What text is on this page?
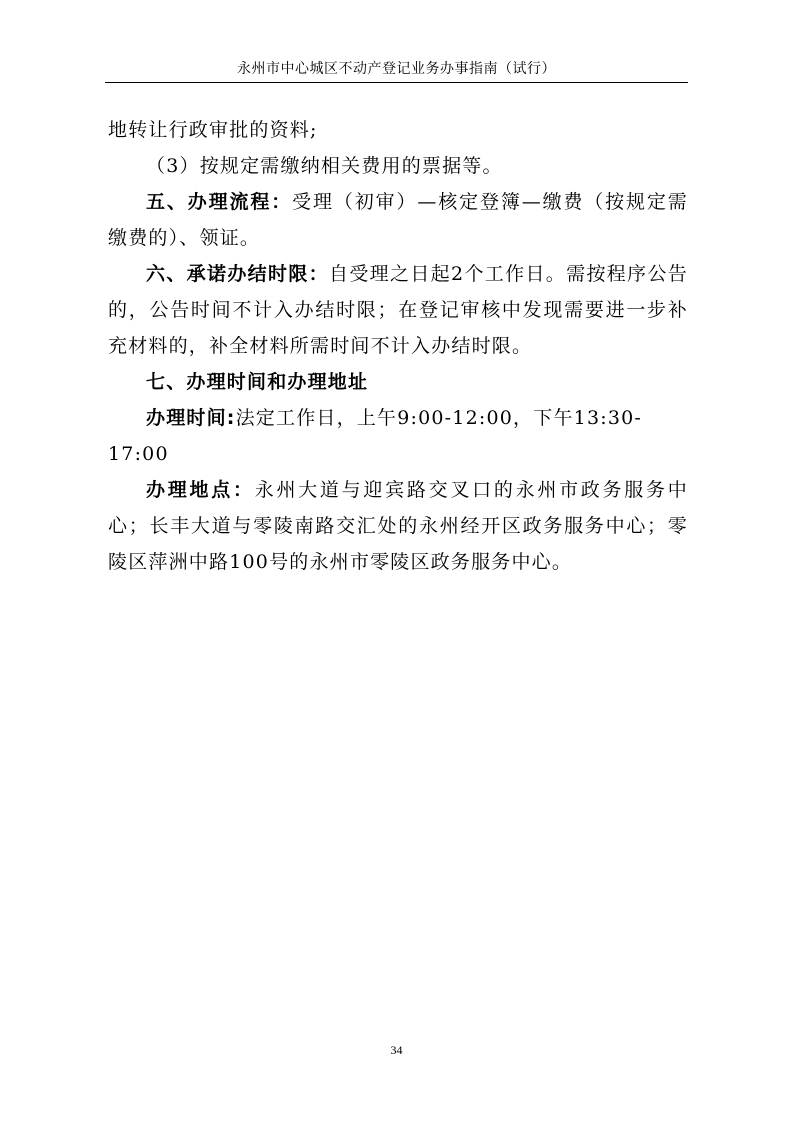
永州市中心城区不动产登记业务办事指南（试行）

地转让行政审批的资料;

（3）按规定需缴纳相关费用的票据等。

五、办理流程：受理（初审）—核定登簿—缴费（按规定需缴费的）、领证。

六、承诺办结时限：自受理之日起2个工作日。需按程序公告的，公告时间不计入办结时限；在登记审核中发现需要进一步补充材料的，补全材料所需时间不计入办结时限。

七、办理时间和办理地址

办理时间:法定工作日，上午9:00-12:00，下午13:30-17:00

办理地点：永州大道与迎宾路交叉口的永州市政务服务中心；长丰大道与零陵南路交汇处的永州经开区政务服务中心；零陵区萍洲中路100号的永州市零陵区政务服务中心。

34
